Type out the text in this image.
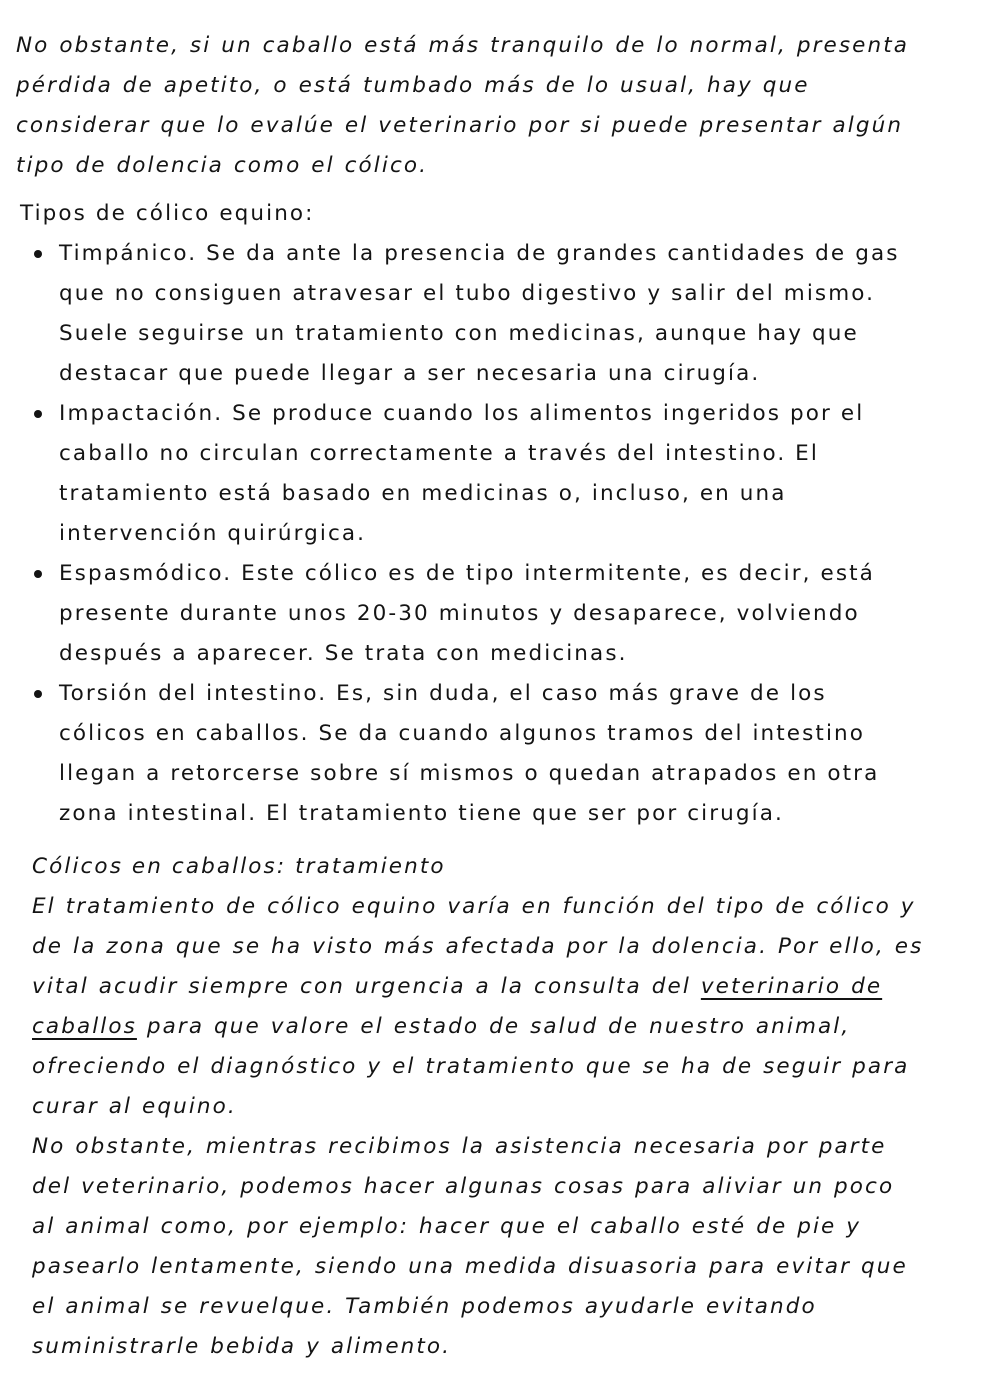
No obstante, si un caballo está más tranquilo de lo normal, presenta
pérdida de apetito, o está tumbado más de lo usual, hay que
considerar que lo evalúe el veterinario por si puede presentar algún
tipo de dolencia como el cólico.

Tipos de cólico equino:

Timpánico. Se da ante la presencia de grandes cantidades de gas
que no consiguen atravesar el tubo digestivo y salir del mismo.
Suele seguirse un tratamiento con medicinas, aunque hay que
destacar que puede llegar a ser necesaria una cirugía.
Impactación. Se produce cuando los alimentos ingeridos por el
caballo no circulan correctamente a través del intestino. El
tratamiento está basado en medicinas o, incluso, en una
intervención quirúrgica.
Espasmódico. Este cólico es de tipo intermitente, es decir, está
presente durante unos 20-30 minutos y desaparece, volviendo
después a aparecer. Se trata con medicinas.
Torsión del intestino. Es, sin duda, el caso más grave de los
cólicos en caballos. Se da cuando algunos tramos del intestino
llegan a retorcerse sobre sí mismos o quedan atrapados en otra
zona intestinal. El tratamiento tiene que ser por cirugía.

Cólicos en caballos: tratamiento

El tratamiento de cólico equino varía en función del tipo de cólico y
de la zona que se ha visto más afectada por la dolencia. Por ello, es
vital acudir siempre con urgencia a la consulta del veterinario de
caballos para que valore el estado de salud de nuestro animal,
ofreciendo el diagnóstico y el tratamiento que se ha de seguir para
curar al equino.

No obstante, mientras recibimos la asistencia necesaria por parte
del veterinario, podemos hacer algunas cosas para aliviar un poco
al animal como, por ejemplo: hacer que el caballo esté de pie y
pasearlo lentamente, siendo una medida disuasoria para evitar que
el animal se revuelque. También podemos ayudarle evitando
suministrarle bebida y alimento.
